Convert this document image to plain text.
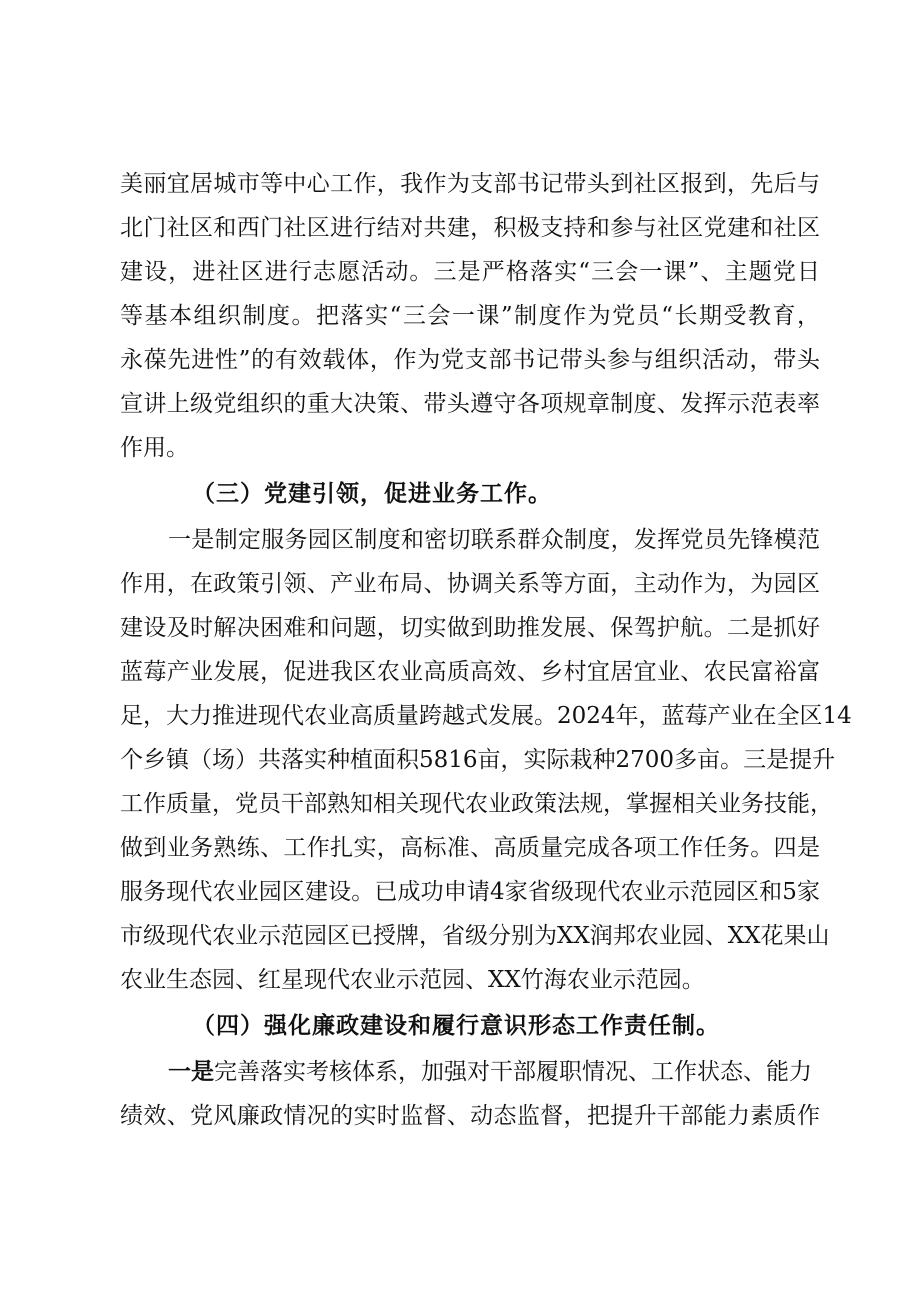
美丽宜居城市等中心工作，我作为支部书记带头到社区报到，先后与
北门社区和西门社区进行结对共建，积极支持和参与社区党建和社区
建设，进社区进行志愿活动。三是严格落实“三会一课”、主题党日
等基本组织制度。把落实“三会一课”制度作为党员“长期受教育，
永葆先进性”的有效载体，作为党支部书记带头参与组织活动，带头
宣讲上级党组织的重大决策、带头遵守各项规章制度、发挥示范表率
作用。
（三）党建引领，促进业务工作。
一是制定服务园区制度和密切联系群众制度，发挥党员先锋模范
作用，在政策引领、产业布局、协调关系等方面，主动作为，为园区
建设及时解决困难和问题，切实做到助推发展、保驾护航。二是抓好
蓝莓产业发展，促进我区农业高质高效、乡村宜居宜业、农民富裕富
足，大力推进现代农业高质量跨越式发展。2024年，蓝莓产业在全区14
个乡镇（场）共落实种植面积5816亩，实际栽种2700多亩。三是提升
工作质量，党员干部熟知相关现代农业政策法规，掌握相关业务技能，
做到业务熟练、工作扎实，高标准、高质量完成各项工作任务。四是
服务现代农业园区建设。已成功申请4家省级现代农业示范园区和5家
市级现代农业示范园区已授牌，省级分别为XX润邦农业园、XX花果山
农业生态园、红星现代农业示范园、XX竹海农业示范园。
（四）强化廉政建设和履行意识形态工作责任制。
一是完善落实考核体系，加强对干部履职情况、工作状态、能力
绩效、党风廉政情况的实时监督、动态监督，把提升干部能力素质作
